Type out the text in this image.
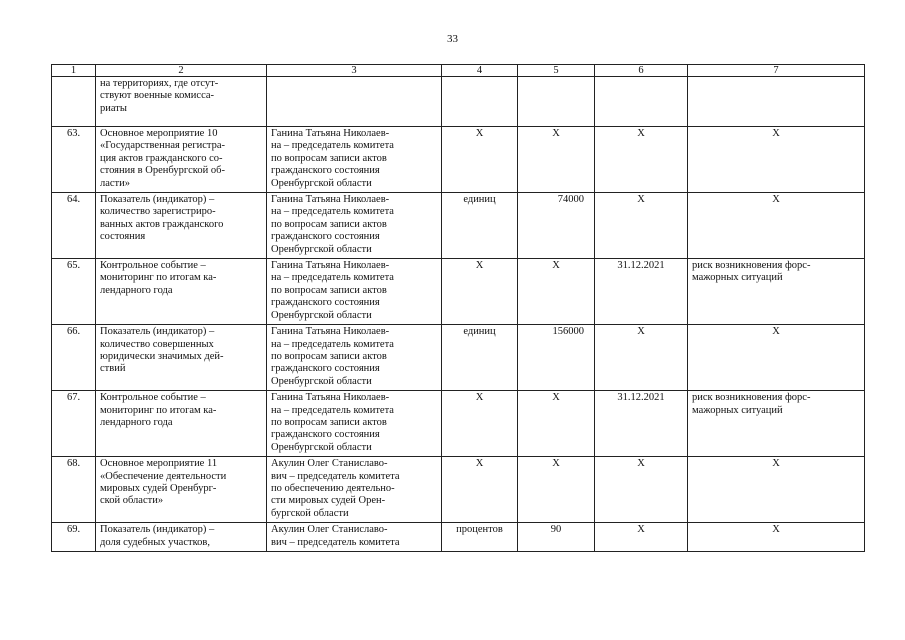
33
1	2	3	4	5	6	7
	на территориях, где отсут-
ствуют военные комисса-
риаты					
63.	Основное мероприятие 10
«Государственная регистра-
ция актов гражданского со-
стояния в Оренбургской об-
ласти»	Ганина Татьяна Николаев-
на – председатель комитета
по вопросам записи актов
гражданского состояния
Оренбургской области	X	X	X	X
64.	Показатель (индикатор) –
количество зарегистриро-
ванных актов гражданского
состояния	Ганина Татьяна Николаев-
на – председатель комитета
по вопросам записи актов
гражданского состояния
Оренбургской области	единиц	74000	X	X
65.	Контрольное событие –
мониторинг по итогам ка-
лендарного года	Ганина Татьяна Николаев-
на – председатель комитета
по вопросам записи актов
гражданского состояния
Оренбургской области	X	X	31.12.2021	риск возникновения форс-
мажорных ситуаций
66.	Показатель (индикатор) –
количество совершенных
юридически значимых дей-
ствий	Ганина Татьяна Николаев-
на – председатель комитета
по вопросам записи актов
гражданского состояния
Оренбургской области	единиц	156000	X	X
67.	Контрольное событие –
мониторинг по итогам ка-
лендарного года	Ганина Татьяна Николаев-
на – председатель комитета
по вопросам записи актов
гражданского состояния
Оренбургской области	X	X	31.12.2021	риск возникновения форс-
мажорных ситуаций
68.	Основное мероприятие 11
«Обеспечение деятельности
мировых судей Оренбург-
ской области»	Акулин Олег Станиславо-
вич – председатель комитета
по обеспечению деятельно-
сти мировых судей Орен-
бургской области	X	X	X	X
69.	Показатель (индикатор) –
доля судебных участков,	Акулин Олег Станиславо-
вич – председатель комитета	процентов	90	X	X
